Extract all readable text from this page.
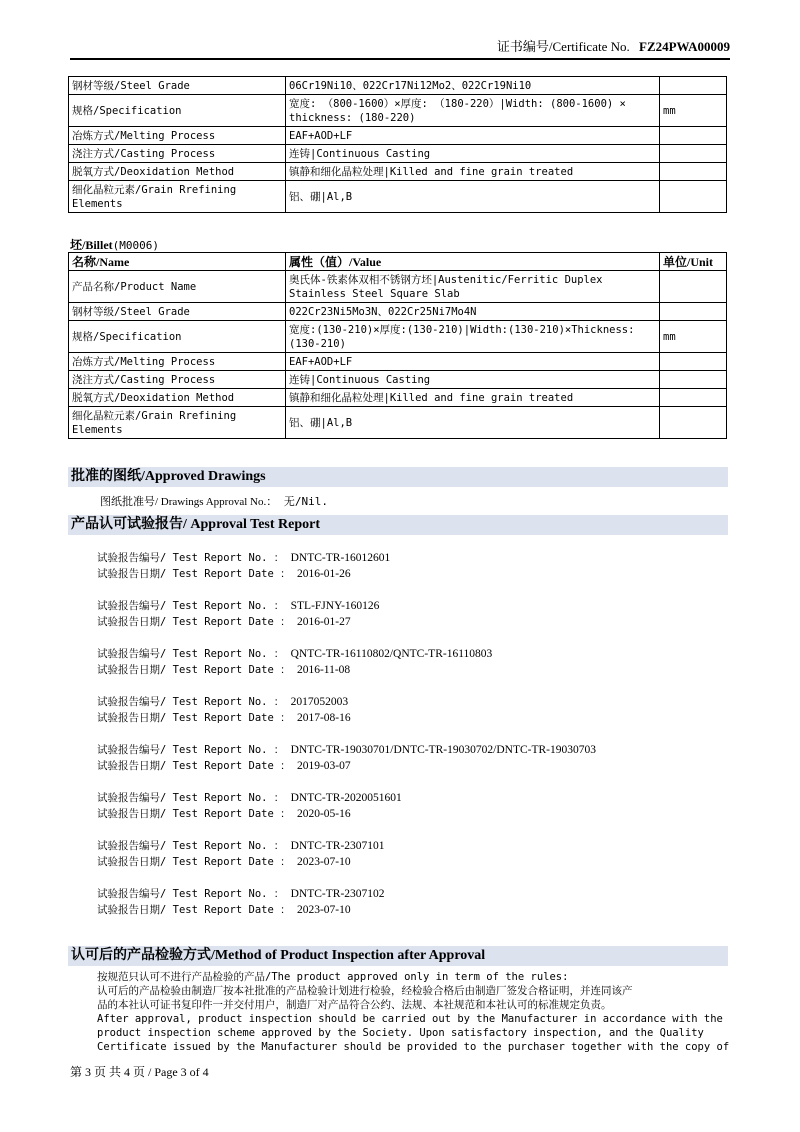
证书编号/Certificate No. FZ24PWA00009
钢材等级/Steel Grade	06Cr19Ni10、022Cr17Ni12Mo2、022Cr19Ni10	
规格/Specification	宽度: （800-1600）×厚度: （180-220）|Width: (800-1600) × thickness: (180-220)	mm
冶炼方式/Melting Process	EAF+AOD+LF	
浇注方式/Casting Process	连铸|Continuous Casting	
脱氧方式/Deoxidation Method	镇静和细化晶粒处理|Killed and fine grain treated	
细化晶粒元素/Grain Rrefining Elements	铝、硼|Al,B	
坯/Billet(M0006)
名称/Name	属性（值）/Value	单位/Unit
产品名称/Product Name	奥氏体-铁素体双相不锈钢方坯|Austenitic/Ferritic Duplex Stainless Steel Square Slab	
钢材等级/Steel Grade	022Cr23Ni5Mo3N、022Cr25Ni7Mo4N	
规格/Specification	宽度:(130-210)×厚度:(130-210)|Width:(130-210)×Thickness:(130-210)	mm
冶炼方式/Melting Process	EAF+AOD+LF	
浇注方式/Casting Process	连铸|Continuous Casting	
脱氧方式/Deoxidation Method	镇静和细化晶粒处理|Killed and fine grain treated	
细化晶粒元素/Grain Rrefining Elements	铝、硼|Al,B	
批准的图纸/Approved Drawings
图纸批准号/ Drawings Approval No.： 无/Nil.
产品认可试验报告/ Approval Test Report
试验报告编号/ Test Report No. ： DNTC-TR-16012601
试验报告日期/ Test Report Date ： 2016-01-26
试验报告编号/ Test Report No. ： STL-FJNY-160126
试验报告日期/ Test Report Date ： 2016-01-27
试验报告编号/ Test Report No. ： QNTC-TR-16110802/QNTC-TR-16110803
试验报告日期/ Test Report Date ： 2016-11-08
试验报告编号/ Test Report No. ： 2017052003
试验报告日期/ Test Report Date ： 2017-08-16
试验报告编号/ Test Report No. ： DNTC-TR-19030701/DNTC-TR-19030702/DNTC-TR-19030703
试验报告日期/ Test Report Date ： 2019-03-07
试验报告编号/ Test Report No. ： DNTC-TR-2020051601
试验报告日期/ Test Report Date ： 2020-05-16
试验报告编号/ Test Report No. ： DNTC-TR-2307101
试验报告日期/ Test Report Date ： 2023-07-10
试验报告编号/ Test Report No. ： DNTC-TR-2307102
试验报告日期/ Test Report Date ： 2023-07-10
认可后的产品检验方式/Method of Product Inspection after Approval
按规范只认可不进行产品检验的产品/The product approved only in term of the rules:
认可后的产品检验由制造厂按本社批准的产品检验计划进行检验，经检验合格后由制造厂签发合格证明，并连同该产
品的本社认可证书复印件一并交付用户，制造厂对产品符合公约、法规、本社规范和本社认可的标准规定负责。
After approval, product inspection should be carried out by the Manufacturer in accordance with the
product inspection scheme approved by the Society. Upon satisfactory inspection, and the Quality
Certificate issued by the Manufacturer should be provided to the purchaser together with the copy of
第 3 页 共 4 页 / Page 3 of 4
